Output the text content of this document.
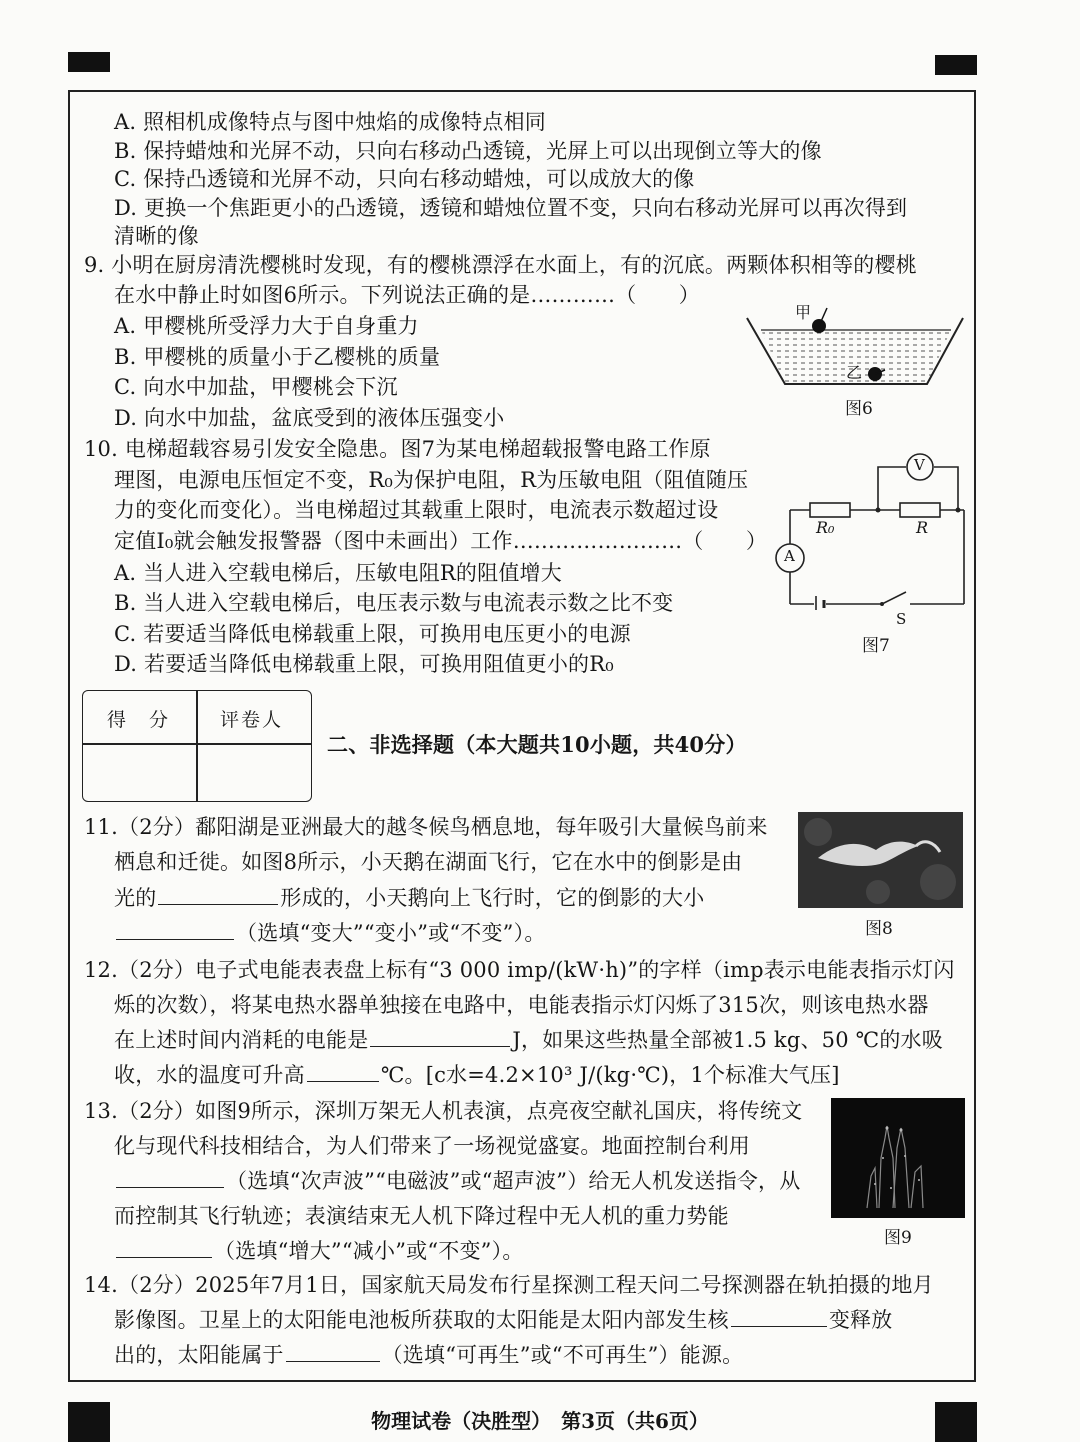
A. 照相机成像特点与图中烛焰的成像特点相同
B. 保持蜡烛和光屏不动，只向右移动凸透镜，光屏上可以出现倒立等大的像
C. 保持凸透镜和光屏不动，只向右移动蜡烛，可以成放大的像
D. 更换一个焦距更小的凸透镜，透镜和蜡烛位置不变，只向右移动光屏可以再次得到
清晰的像
9. 小明在厨房清洗樱桃时发现，有的樱桃漂浮在水面上，有的沉底。两颗体积相等的樱桃
在水中静止时如图6所示。下列说法正确的是…………（　　）
A. 甲樱桃所受浮力大于自身重力
B. 甲樱桃的质量小于乙樱桃的质量
C. 向水中加盐，甲樱桃会下沉
D. 向水中加盐，盆底受到的液体压强变小
甲
乙
图6
10. 电梯超载容易引发安全隐患。图7为某电梯超载报警电路工作原
理图，电源电压恒定不变，R₀为保护电阻，R为压敏电阻（阻值随压
力的变化而变化）。当电梯超过其载重上限时，电流表示数超过设
定值I₀就会触发报警器（图中未画出）工作……………………（　　）
A. 当人进入空载电梯后，压敏电阻R的阻值增大
B. 当人进入空载电梯后，电压表示数与电流表示数之比不变
C. 若要适当降低电梯载重上限，可换用电压更小的电源
D. 若要适当降低电梯载重上限，可换用阻值更小的R₀
V
A
R₀	R
S
图7
得　分	评卷人
二、非选择题（本大题共10小题，共40分）
11.（2分）鄱阳湖是亚洲最大的越冬候鸟栖息地，每年吸引大量候鸟前来
栖息和迁徙。如图8所示，小天鹅在湖面飞行，它在水中的倒影是由
光的	形成的，小天鹅向上飞行时，它的倒影的大小
（选填“变大”“变小”或“不变”）。	图8
12.（2分）电子式电能表表盘上标有“3 000 imp/(kW·h)”的字样（imp表示电能表指示灯闪
烁的次数），将某电热水器单独接在电路中，电能表指示灯闪烁了315次，则该电热水器
在上述时间内消耗的电能是	J，如果这些热量全部被1.5 kg、50 ℃的水吸
收，水的温度可升高	℃。[c水=4.2×10³ J/(kg·℃)，1个标准大气压]
13.（2分）如图9所示，深圳万架无人机表演，点亮夜空献礼国庆，将传统文
化与现代科技相结合，为人们带来了一场视觉盛宴。地面控制台利用
（选填“次声波”“电磁波”或“超声波”）给无人机发送指令，从
而控制其飞行轨迹；表演结束无人机下降过程中无人机的重力势能
（选填“增大”“减小”或“不变”）。
图9
14.（2分）2025年7月1日，国家航天局发布行星探测工程天问二号探测器在轨拍摄的地月
影像图。卫星上的太阳能电池板所获取的太阳能是太阳内部发生核	变释放
出的，太阳能属于	（选填“可再生”或“不可再生”）能源。
物理试卷（决胜型）　第3页（共6页）
